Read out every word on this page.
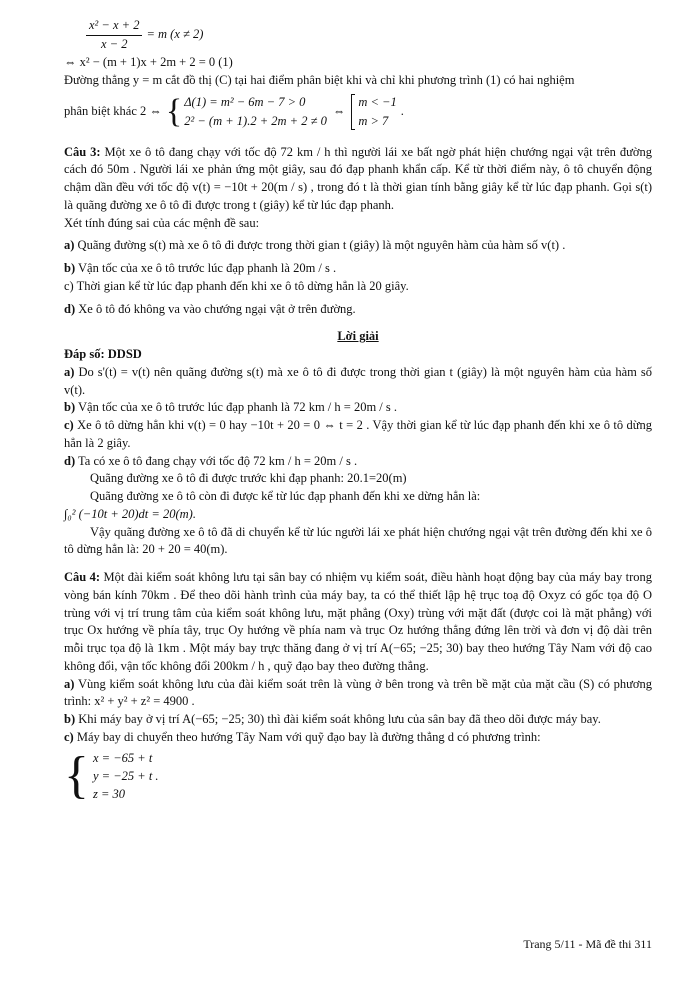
$\frac{\text{x² − x + 2}}{x - 2} = m$ (x ≠ 2)

⇔ x² − (m + 1)x + 2m + 2 = 0 (1)

Đường thẳng y = m cắt đồ thị (C) tại hai điểm phân biệt khi và chỉ khi phương trình (1) có hai nghiệm

phân biệt khác 2 ⇔ { Δ(1) = m² − 6m − 7 > 0
2² − (m + 1).2 + 2m + 2 ≠ 0
⇔
m < −1
m > 7
.

Câu 3: Một xe ô tô đang chạy với tốc độ 72 km / h thì người lái xe bất ngờ phát hiện chướng ngại vật trên đường cách đó 50m . Người lái xe phản ứng một giây, sau đó đạp phanh khẩn cấp. Kể từ thời điểm này, ô tô chuyển động chậm dần đều với tốc độ v(t) = −10t + 20(m / s) , trong đó t là thời gian tính bằng giây kể từ lúc đạp phanh. Gọi s(t) là quãng đường xe ô tô đi được trong t (giây) kể từ lúc đạp phanh.

Xét tính đúng sai của các mệnh đề sau:

a) Quãng đường s(t) mà xe ô tô đi được trong thời gian t (giây) là một nguyên hàm của hàm số v(t) .

b) Vận tốc của xe ô tô trước lúc đạp phanh là 20m / s .

c) Thời gian kể từ lúc đạp phanh đến khi xe ô tô dừng hẳn là 20 giây.

d) Xe ô tô đó không va vào chướng ngại vật ở trên đường.

Lời giải

Đáp số: DDSD

a) Do s'(t) = v(t) nên quãng đường s(t) mà xe ô tô đi được trong thời gian t (giây) là một nguyên hàm của hàm số v(t).

b) Vận tốc của xe ô tô trước lúc đạp phanh là 72 km / h = 20m / s .

c) Xe ô tô dừng hẳn khi v(t) = 0 hay −10t + 20 = 0 ⇔ t = 2 . Vậy thời gian kể từ lúc đạp phanh đến khi xe ô tô dừng hẳn là 2 giây.

d) Ta có xe ô tô đang chạy với tốc độ 72 km / h = 20m / s .

Quãng đường xe ô tô đi được trước khi đạp phanh: 20.1=20(m)

Quãng đường xe ô tô còn đi được kể từ lúc đạp phanh đến khi xe dừng hẳn là:

∫₀² (−10t + 20)dt = 20(m).

Vậy quãng đường xe ô tô đã di chuyển kể từ lúc người lái xe phát hiện chướng ngại vật trên đường đến khi xe ô tô dừng hẳn là: 20 + 20 = 40(m).

Câu 4: Một đài kiểm soát không lưu tại sân bay có nhiệm vụ kiểm soát, điều hành hoạt động bay của máy bay trong vòng bán kính 70km . Để theo dõi hành trình của máy bay, ta có thể thiết lập hệ trục toạ độ Oxyz có gốc tọa độ O trùng với vị trí trung tâm của kiểm soát không lưu, mặt phẳng (Oxy) trùng với mặt đất (được coi là mặt phẳng) với trục Ox hướng về phía tây, trục Oy hướng về phía nam và trục Oz hướng thẳng đứng lên trời và đơn vị độ dài trên mỗi trục tọa độ là 1km . Một máy bay trực thăng đang ở vị trí A(−65; −25; 30) bay theo hướng Tây Nam với độ cao không đổi, vận tốc không đổi 200km / h , quỹ đạo bay theo đường thẳng.

a) Vùng kiểm soát không lưu của đài kiểm soát trên là vùng ở bên trong và trên bề mặt của mặt cầu (S) có phương trình: x² + y² + z² = 4900 .

b) Khi máy bay ở vị trí A(−65; −25; 30) thì đài kiểm soát không lưu của sân bay đã theo dõi được máy bay.

c) Máy bay di chuyển theo hướng Tây Nam với quỹ đạo bay là đường thẳng d có phương trình:

{ x = −65 + t
y = −25 + t .
z = 30
Trang 5/11 - Mã đề thi 311
